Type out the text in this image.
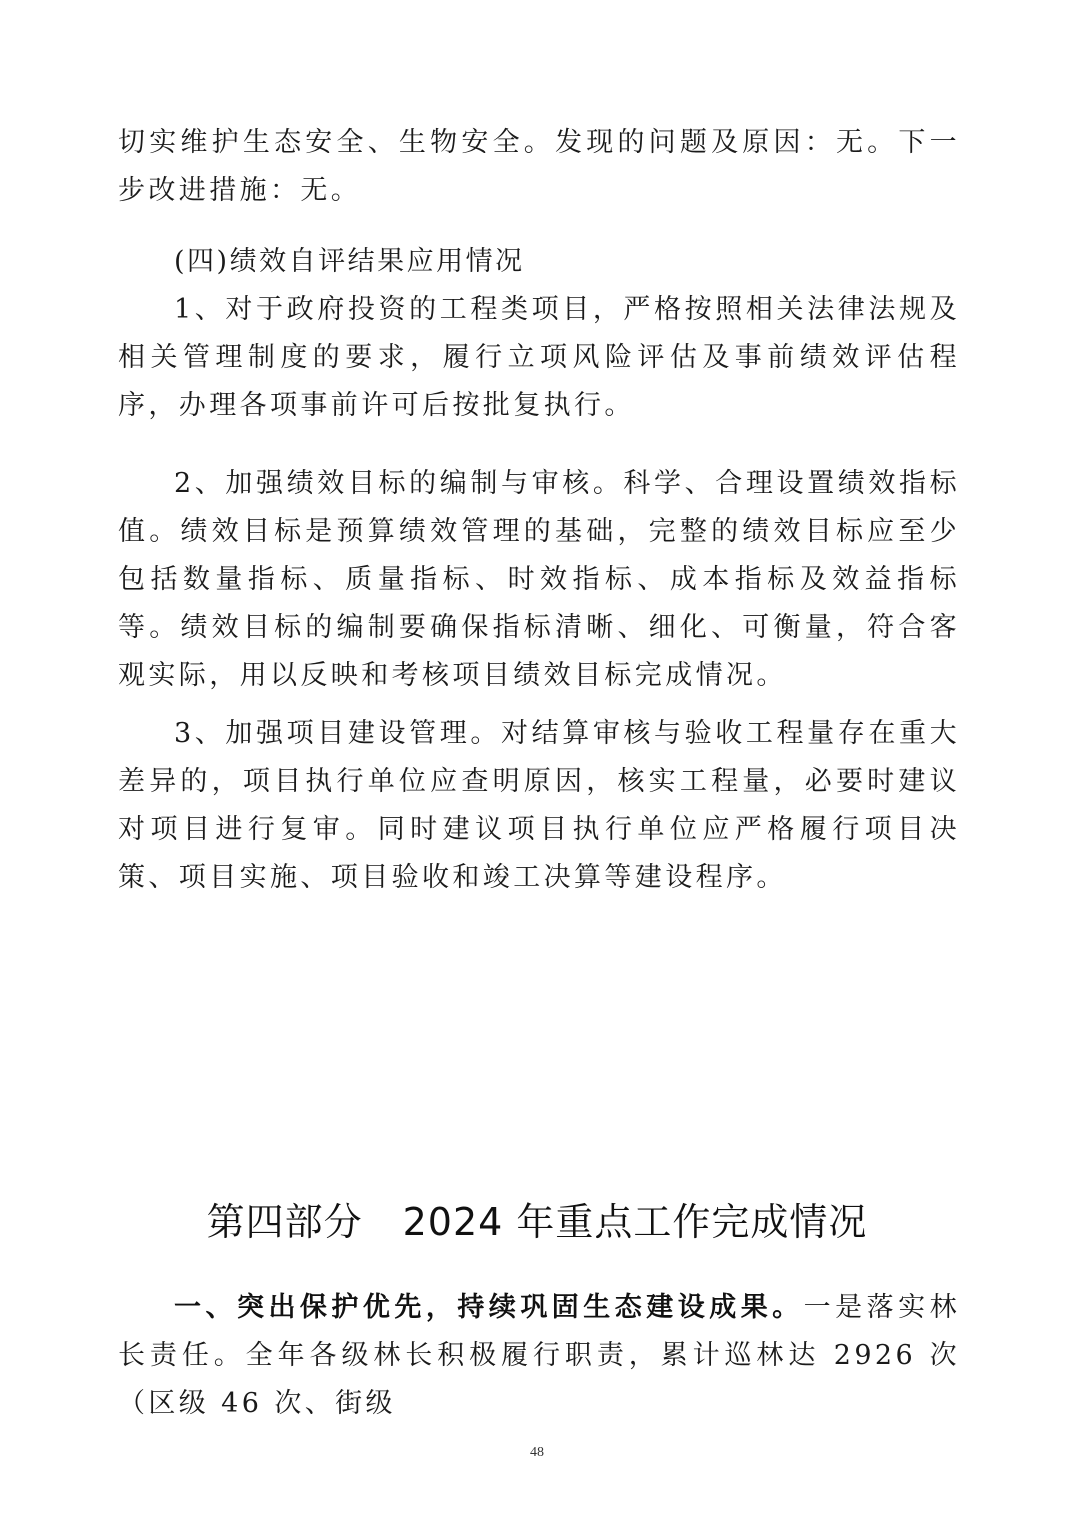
切实维护生态安全、生物安全。发现的问题及原因：无。下一步改进措施：无。

(四)绩效自评结果应用情况

1、对于政府投资的工程类项目，严格按照相关法律法规及相关管理制度的要求，履行立项风险评估及事前绩效评估程序，办理各项事前许可后按批复执行。

2、加强绩效目标的编制与审核。科学、合理设置绩效指标值。绩效目标是预算绩效管理的基础，完整的绩效目标应至少包括数量指标、质量指标、时效指标、成本指标及效益指标等。绩效目标的编制要确保指标清晰、细化、可衡量，符合客观实际，用以反映和考核项目绩效目标完成情况。

3、加强项目建设管理。对结算审核与验收工程量存在重大差异的，项目执行单位应查明原因，核实工程量，必要时建议对项目进行复审。同时建议项目执行单位应严格履行项目决策、项目实施、项目验收和竣工决算等建设程序。

第四部分 2024 年重点工作完成情况

一、突出保护优先，持续巩固生态建设成果。一是落实林长责任。全年各级林长积极履行职责，累计巡林达 2926 次（区级 46 次、街级

48
